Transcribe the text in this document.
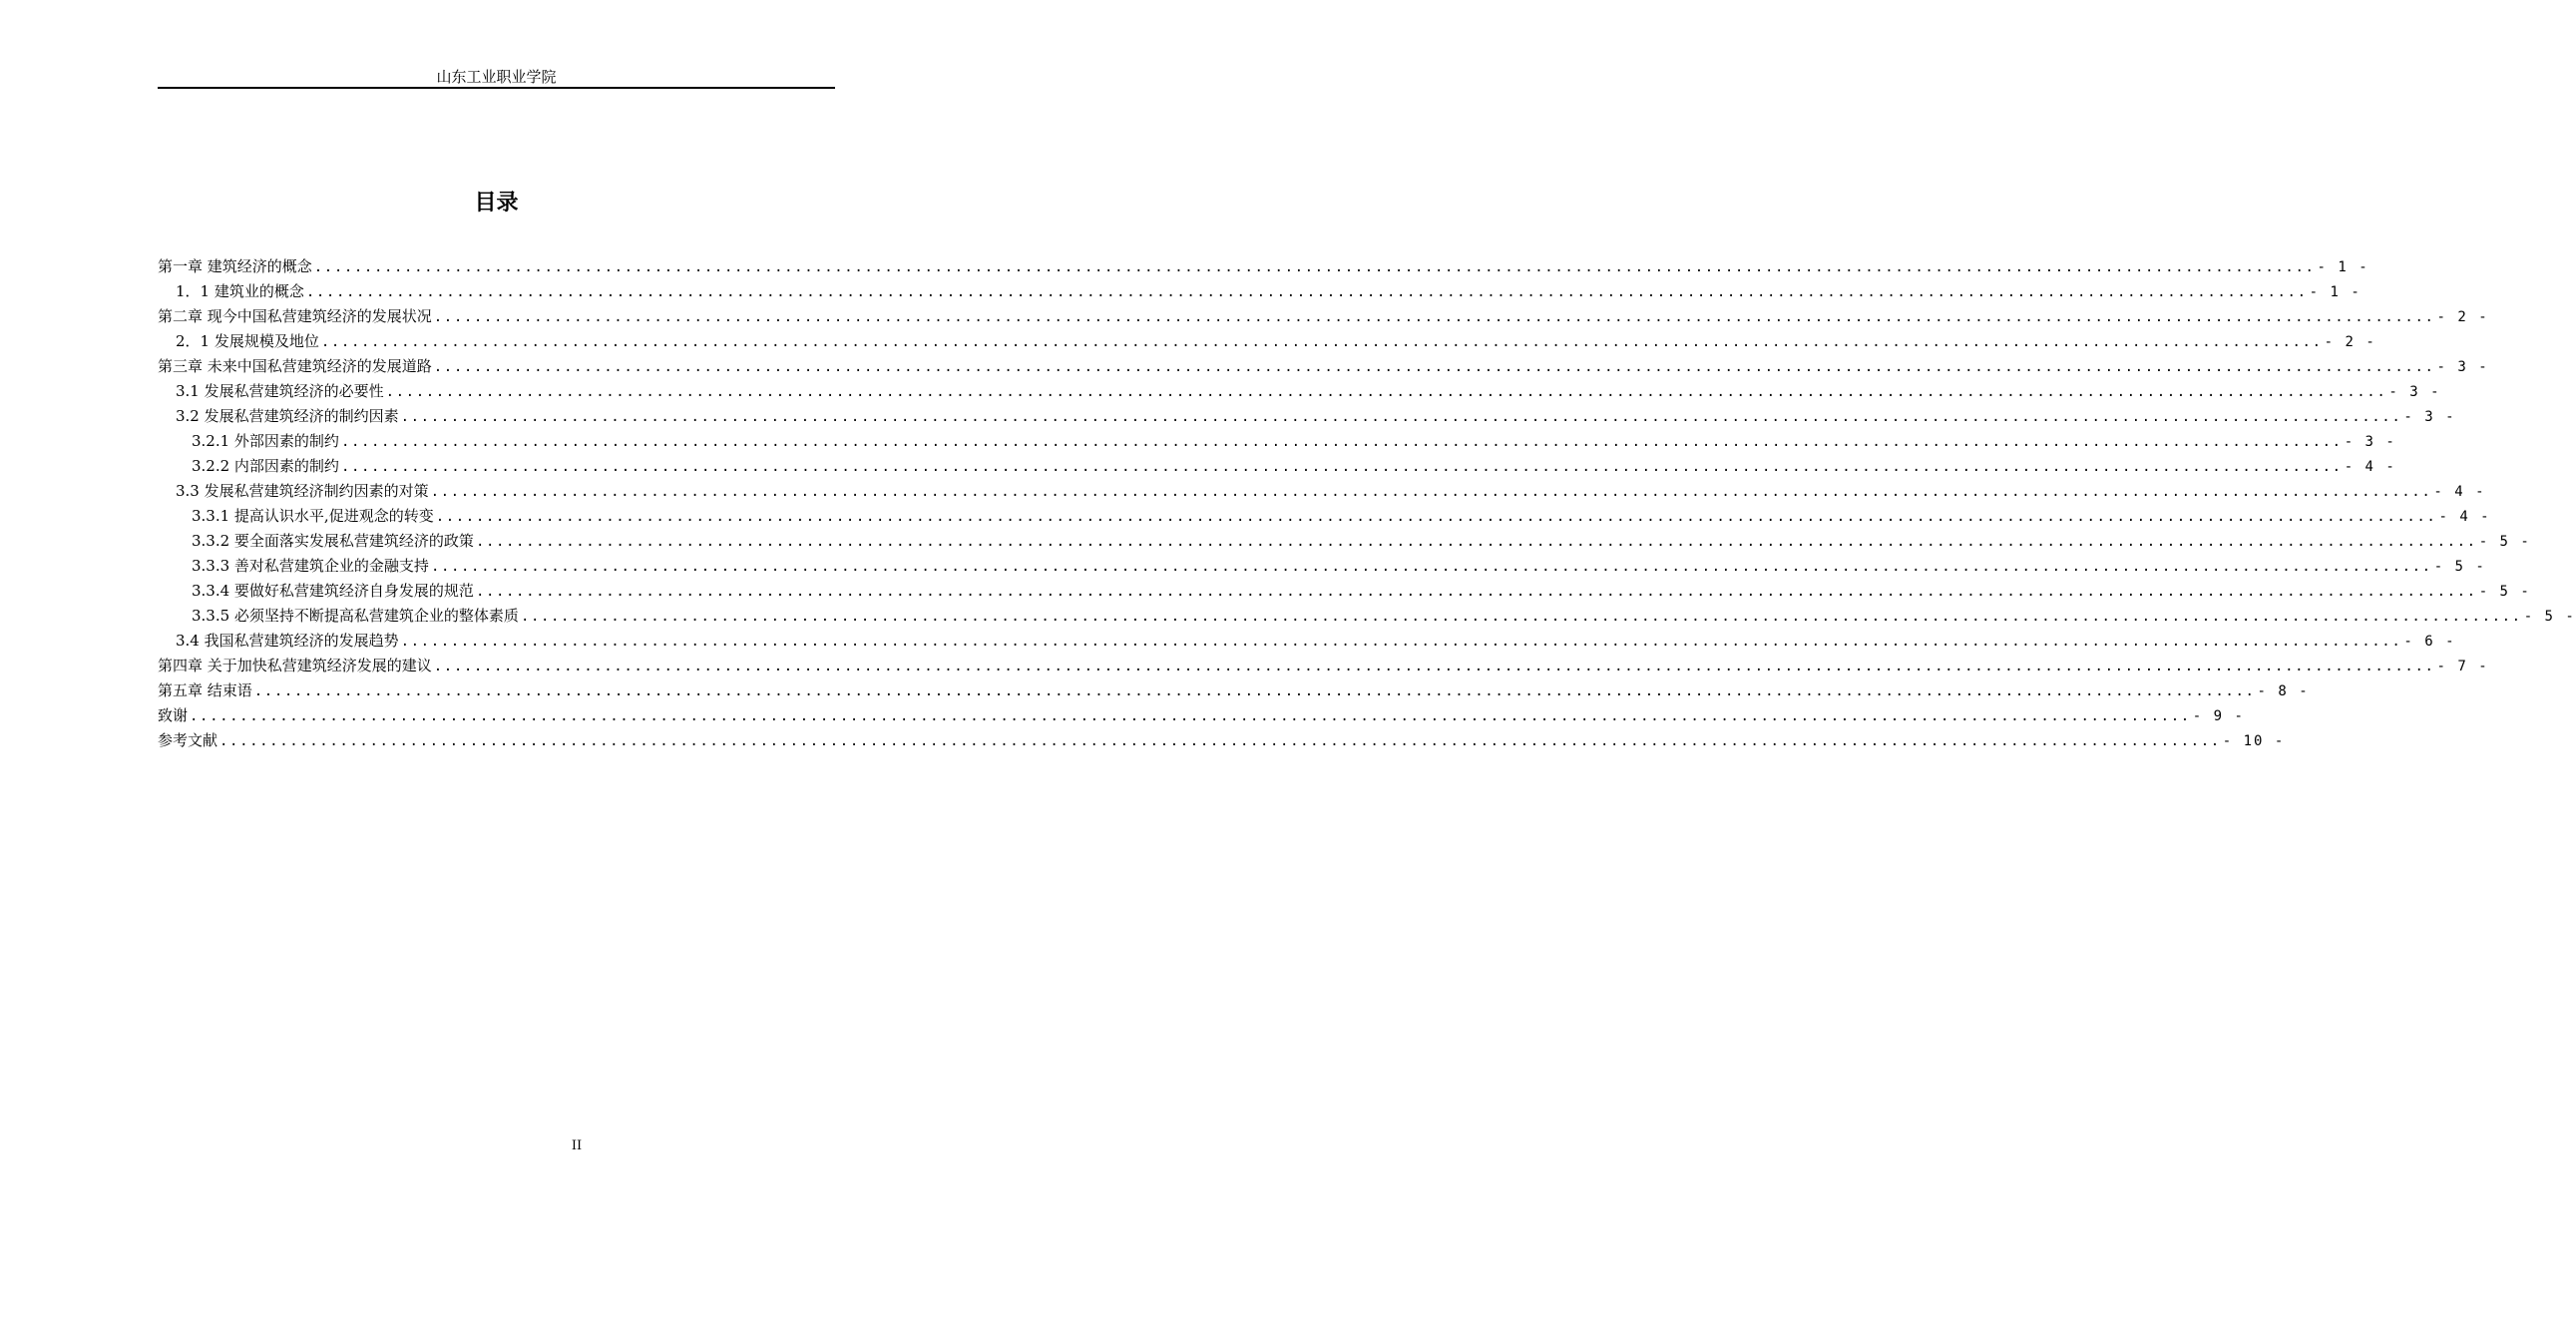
山东工业职业学院
目录
第一章 建筑经济的概念 ........................................................................................................................................................................................................ - 1 -
1．1 建筑业的概念 ........................................................................................................................................................................................................ - 1 -
第二章 现今中国私营建筑经济的发展状况 ........................................................................................................................................................................................................ - 2 -
2．1 发展规模及地位 ........................................................................................................................................................................................................ - 2 -
第三章 未来中国私营建筑经济的发展道路 ........................................................................................................................................................................................................ - 3 -
3.1 发展私营建筑经济的必要性 ........................................................................................................................................................................................................ - 3 -
3.2 发展私营建筑经济的制约因素 ........................................................................................................................................................................................................ - 3 -
3.2.1 外部因素的制约 ........................................................................................................................................................................................................ - 3 -
3.2.2 内部因素的制约 ........................................................................................................................................................................................................ - 4 -
3.3 发展私营建筑经济制约因素的对策 ........................................................................................................................................................................................................ - 4 -
3.3.1 提高认识水平,促进观念的转变 ........................................................................................................................................................................................................ - 4 -
3.3.2 要全面落实发展私营建筑经济的政策 ........................................................................................................................................................................................................ - 5 -
3.3.3 善对私营建筑企业的金融支持 ........................................................................................................................................................................................................ - 5 -
3.3.4 要做好私营建筑经济自身发展的规范 ........................................................................................................................................................................................................ - 5 -
3.3.5 必须坚持不断提高私营建筑企业的整体素质 ........................................................................................................................................................................................................ - 5 -
3.4 我国私营建筑经济的发展趋势 ........................................................................................................................................................................................................ - 6 -
第四章 关于加快私营建筑经济发展的建议 ........................................................................................................................................................................................................ - 7 -
第五章 结束语 ........................................................................................................................................................................................................ - 8 -
致谢 ........................................................................................................................................................................................................ - 9 -
参考文献 ........................................................................................................................................................................................................ - 10 -
II
